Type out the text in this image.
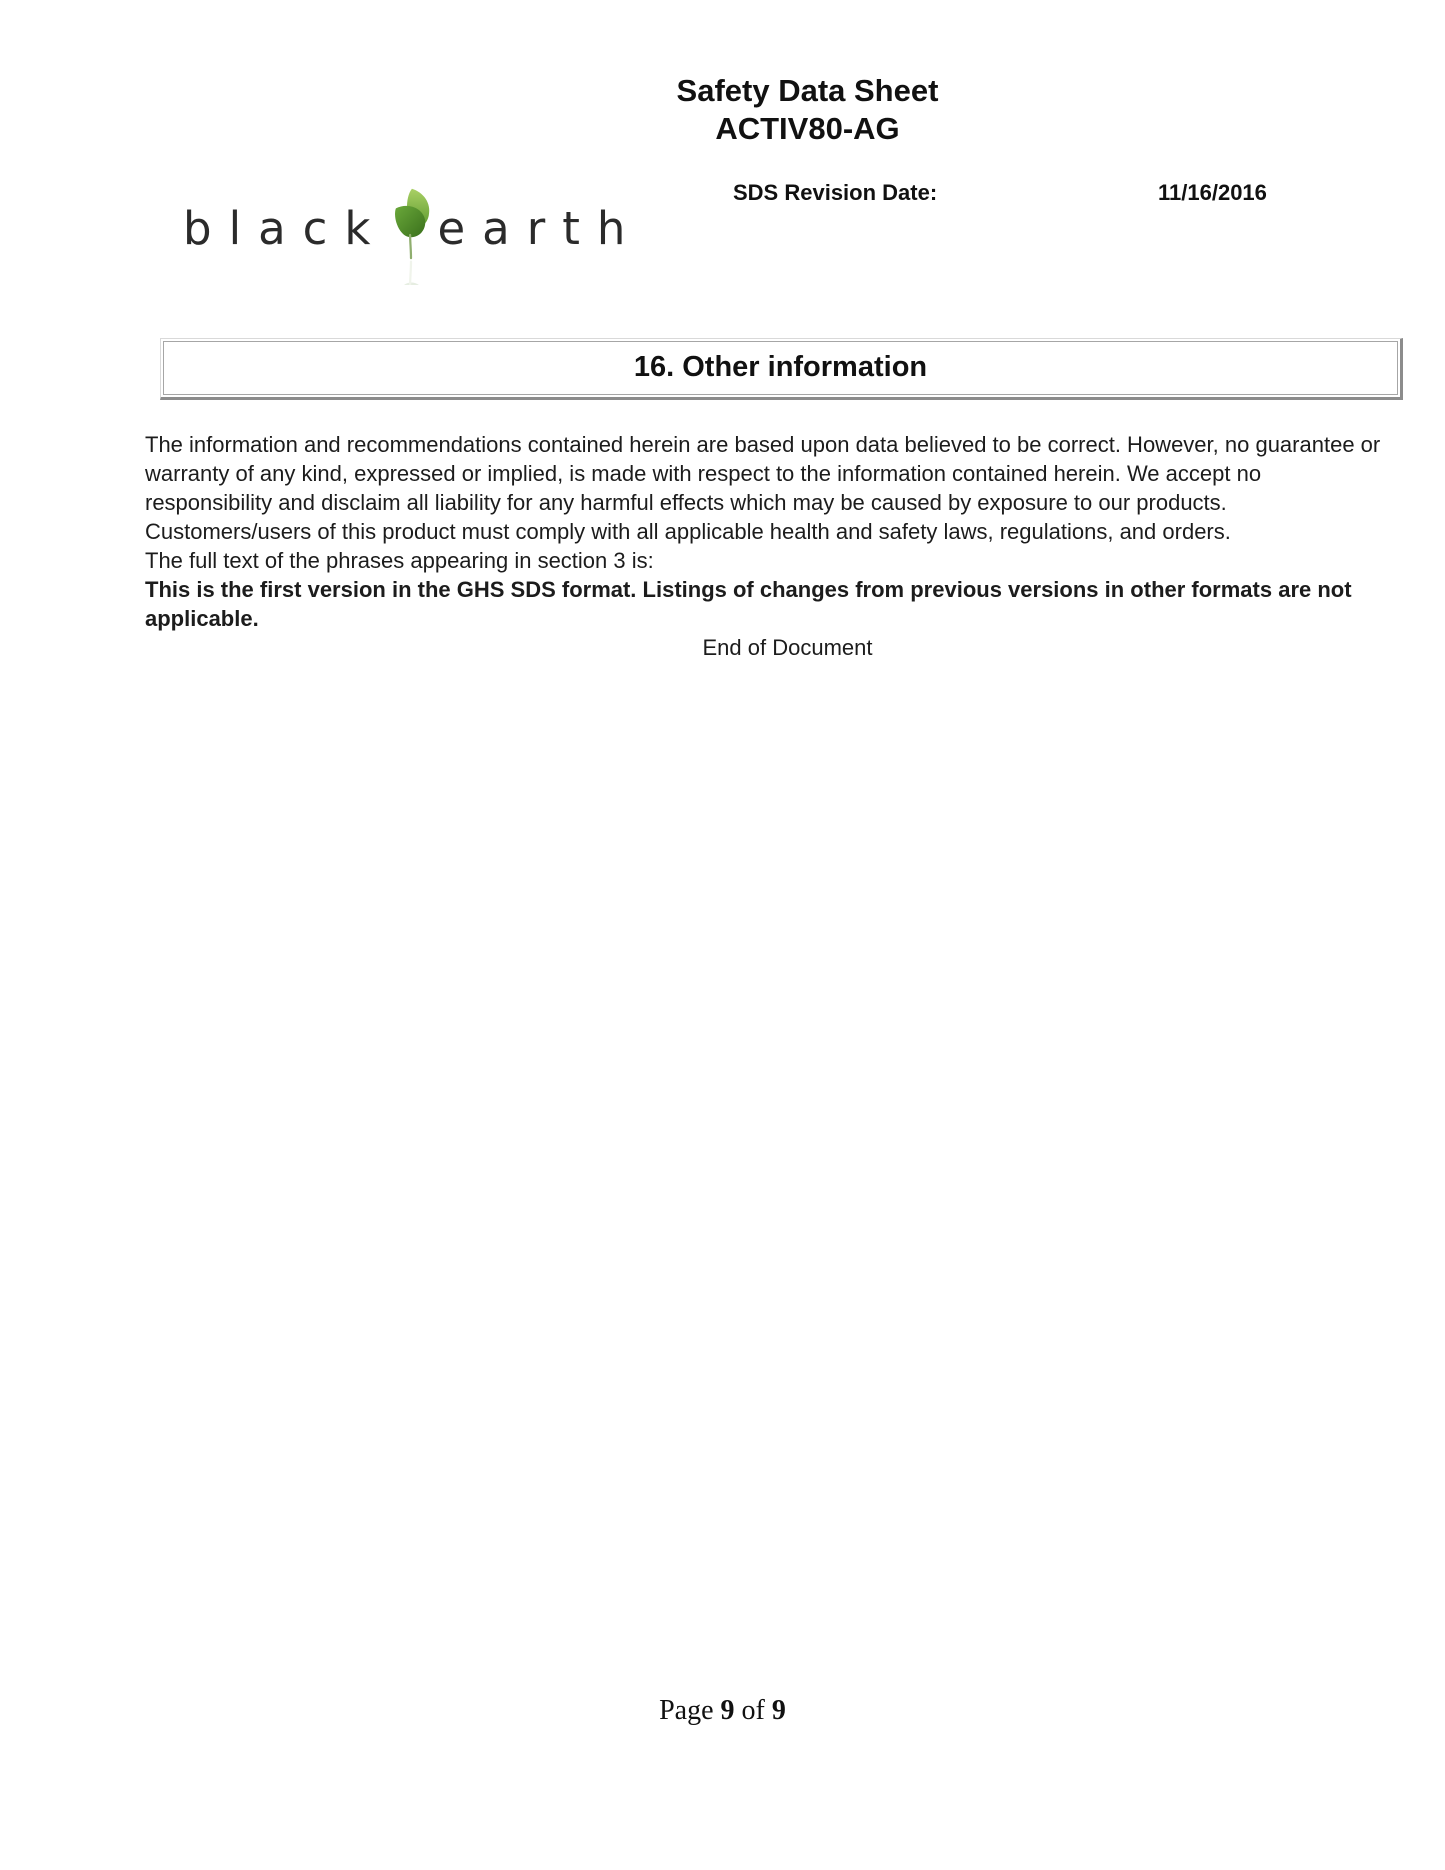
Safety Data Sheet
ACTIV80-AG
SDS Revision Date:	11/16/2016
black earth
16. Other information

The information and recommendations contained herein are based upon data believed to be correct. However, no guarantee or warranty of any kind, expressed or implied, is made with respect to the information contained herein. We accept no responsibility and disclaim all liability for any harmful effects which may be caused by exposure to our products. Customers/users of this product must comply with all applicable health and safety laws, regulations, and orders.

The full text of the phrases appearing in section 3 is:

This is the first version in the GHS SDS format. Listings of changes from previous versions in other formats are not applicable.

End of Document

Page 9 of 9
